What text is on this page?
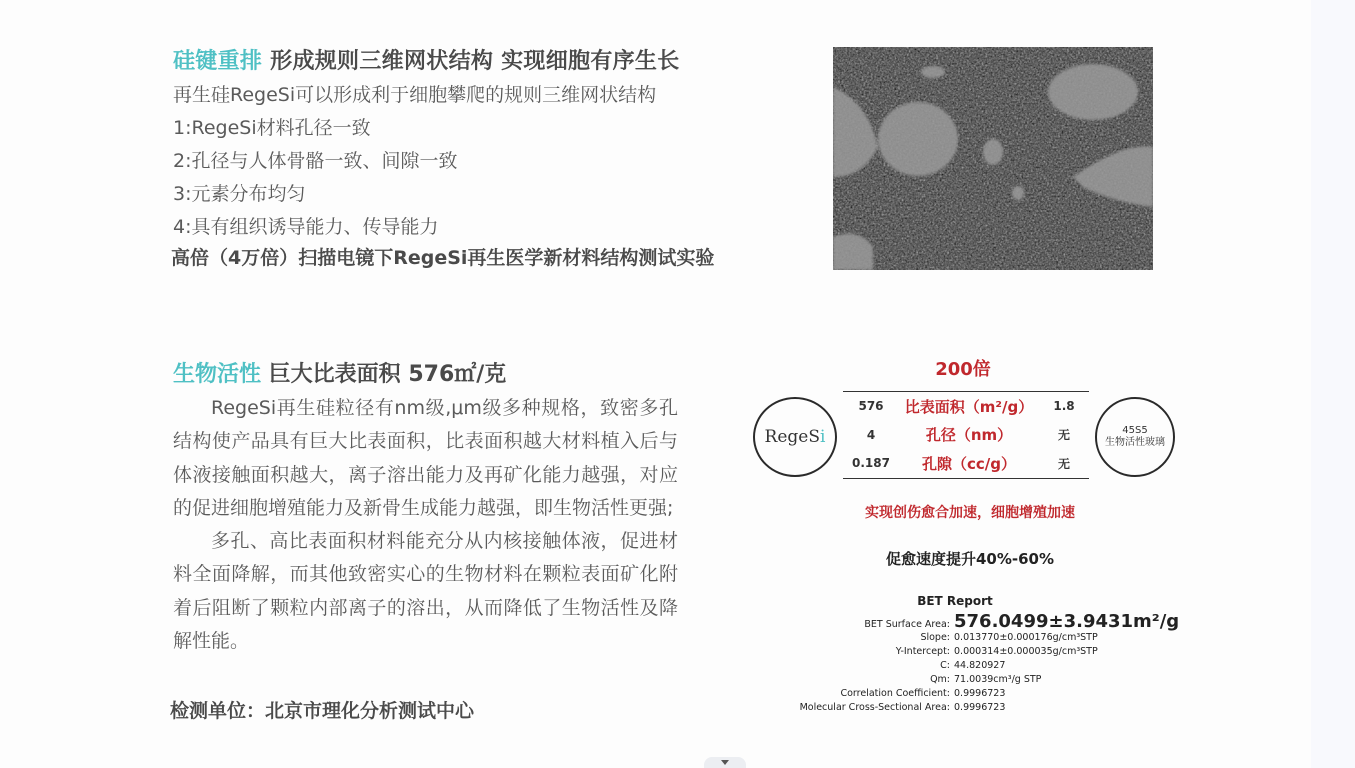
硅键重排 形成规则三维网状结构 实现细胞有序生长
再生硅RegeSi可以形成利于细胞攀爬的规则三维网状结构
1:RegeSi材料孔径一致
2:孔径与人体骨骼一致、间隙一致
3:元素分布均匀
4:具有组织诱导能力、传导能力
高倍（4万倍）扫描电镜下RegeSi再生医学新材料结构测试实验
生物活性 巨大比表面积 576㎡/克

RegeSi再生硅粒径有nm级,μm级多种规格，致密多孔结构使产品具有巨大比表面积，比表面积越大材料植入后与体液接触面积越大，离子溶出能力及再矿化能力越强，对应的促进细胞增殖能力及新骨生成能力越强，即生物活性更强;

多孔、高比表面积材料能充分从内核接触体液，促进材料全面降解，而其他致密实心的生物材料在颗粒表面矿化附着后阻断了颗粒内部离子的溶出，从而降低了生物活性及降解性能。

检测单位：北京市理化分析测试中心
200倍
RegeSi
576	比表面积（m²/g）	1.8
4	孔径（nm）	无
0.187	孔隙（cc/g）	无
45S5
生物活性玻璃
实现创伤愈合加速，细胞增殖加速
促愈速度提升40%-60%
BET Report
BET Surface Area: 576.0499±3.9431m²/g
Slope: 0.013770±0.000176g/cm³STP
Y-Intercept: 0.000314±0.000035g/cm³STP
C: 44.820927
Qm: 71.0039cm³/g STP
Correlation Coefficient: 0.9996723
Molecular Cross-Sectional Area: 0.9996723
